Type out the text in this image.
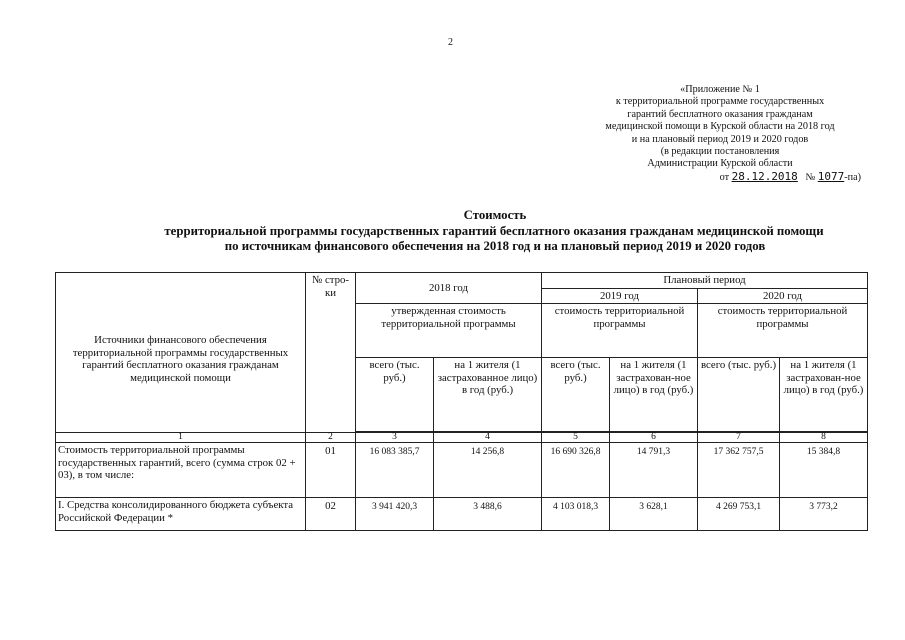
2
«Приложение № 1
к территориальной программе государственных
гарантий бесплатного оказания гражданам
медицинской помощи в Курской области на 2018 год
и на плановый период 2019 и 2020 годов
(в редакции постановления
Администрации Курской области
от 28.12.2018 № 1077-па)
Стоимость
территориальной программы государственных гарантий бесплатного оказания гражданам медицинской помощи
по источникам финансового обеспечения на 2018 год и на плановый период 2019 и 2020 годов
Источники финансового обеспечения территориальной программы государственных гарантий бесплатного оказания гражданам медицинской помощи	№ стро-ки	2018 год		Плановый период			
				2019 год		2020 год	
		утвержденная стоимость территориальной программы		стоимость территориальной программы		стоимость территориальной программы	
		всего (тыс. руб.)	на 1 жителя (1 застрахованное лицо) в год (руб.)	всего (тыс. руб.)	на 1 жителя (1 застрахован-ное лицо) в год (руб.)	всего (тыс. руб.)	на 1 жителя (1 застрахован-ное лицо) в год (руб.)

1	2	3	4	5	6	7	8
Стоимость территориальной программы государственных гарантий, всего (сумма строк 02 + 03), в том числе:	01	16 083 385,7	14 256,8	16 690 326,8	14 791,3	17 362 757,5	15 384,8
I. Средства консолидированного бюджета субъекта Российской Федерации *	02	3 941 420,3	3 488,6	4 103 018,3	3 628,1	4 269 753,1	3 773,2
